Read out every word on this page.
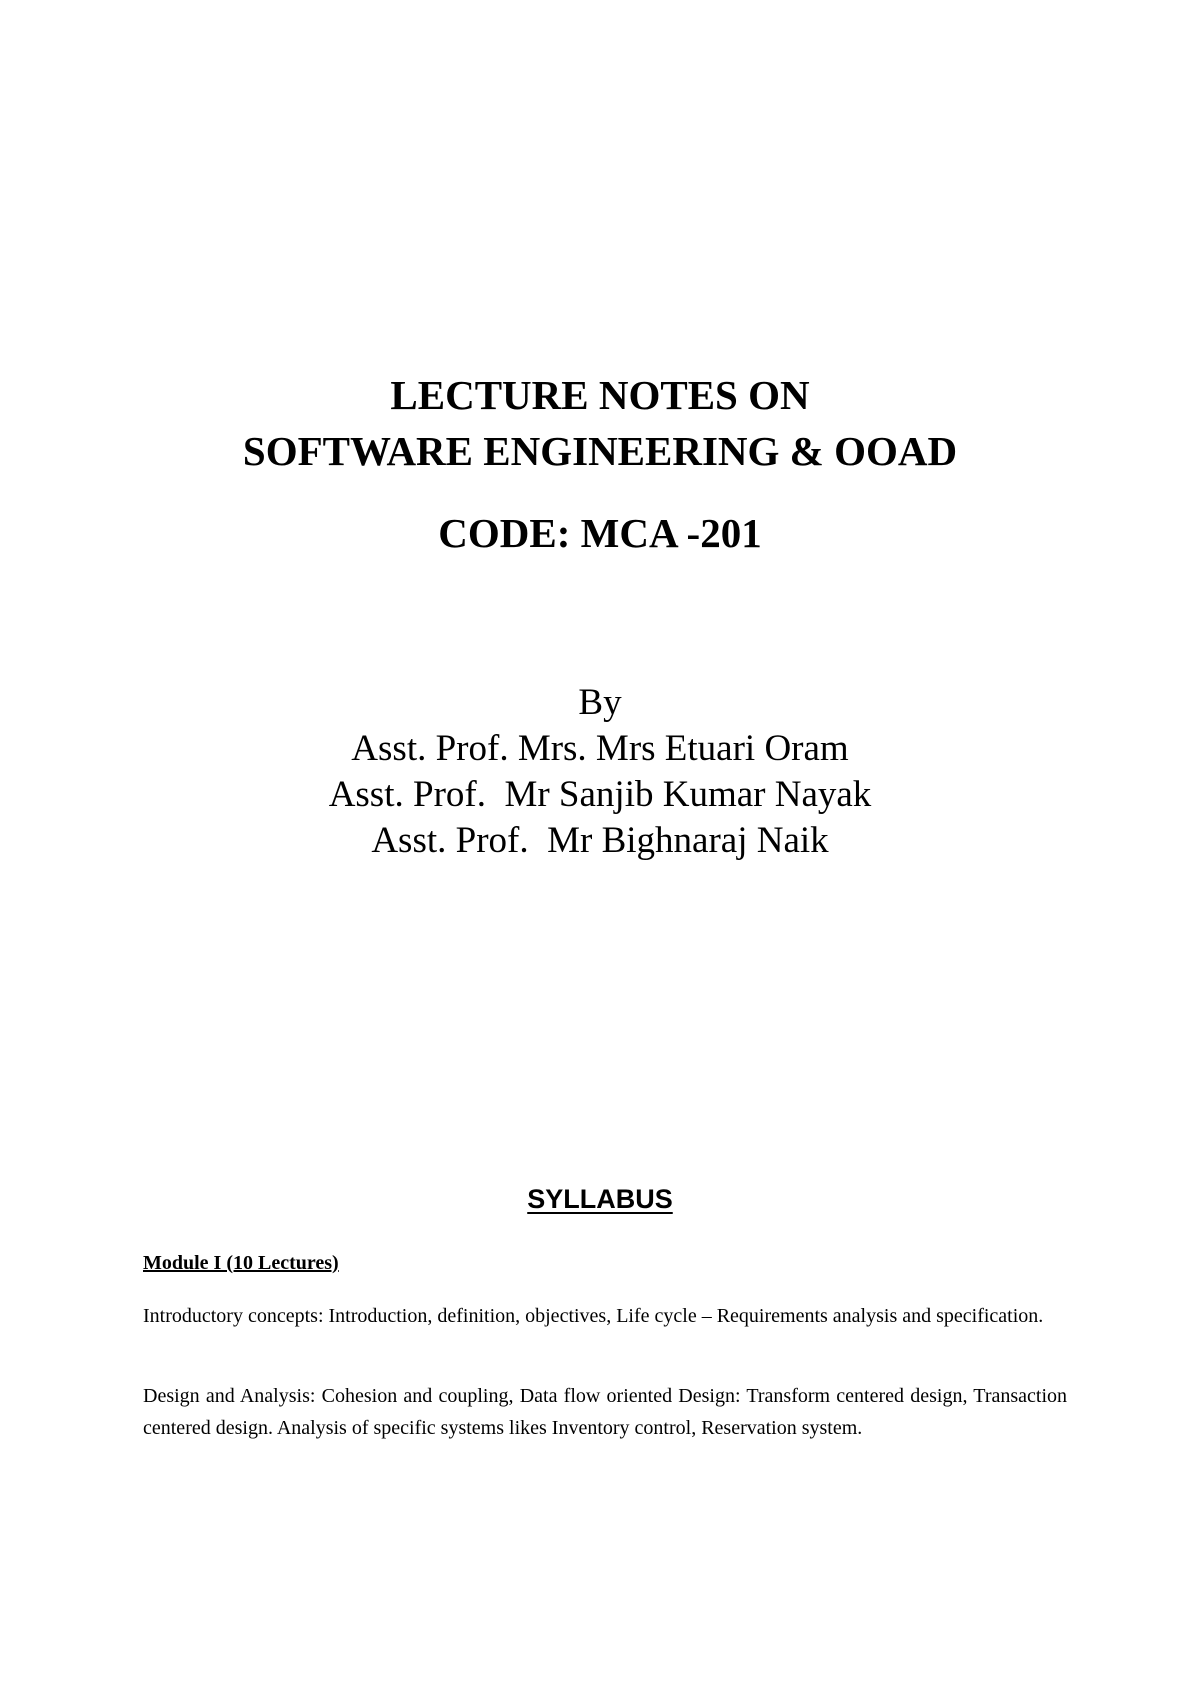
LECTURE NOTES ON
SOFTWARE ENGINEERING & OOAD
CODE: MCA -201
By
Asst. Prof. Mrs. Mrs Etuari Oram
Asst. Prof.  Mr Sanjib Kumar Nayak
Asst. Prof.  Mr Bighnaraj Naik
SYLLABUS
Module I (10 Lectures)

Introductory concepts: Introduction, definition, objectives, Life cycle – Requirements analysis and specification.

Design and Analysis: Cohesion and coupling, Data flow oriented Design: Transform centered design, Transaction centered design. Analysis of specific systems likes Inventory control, Reservation system.
